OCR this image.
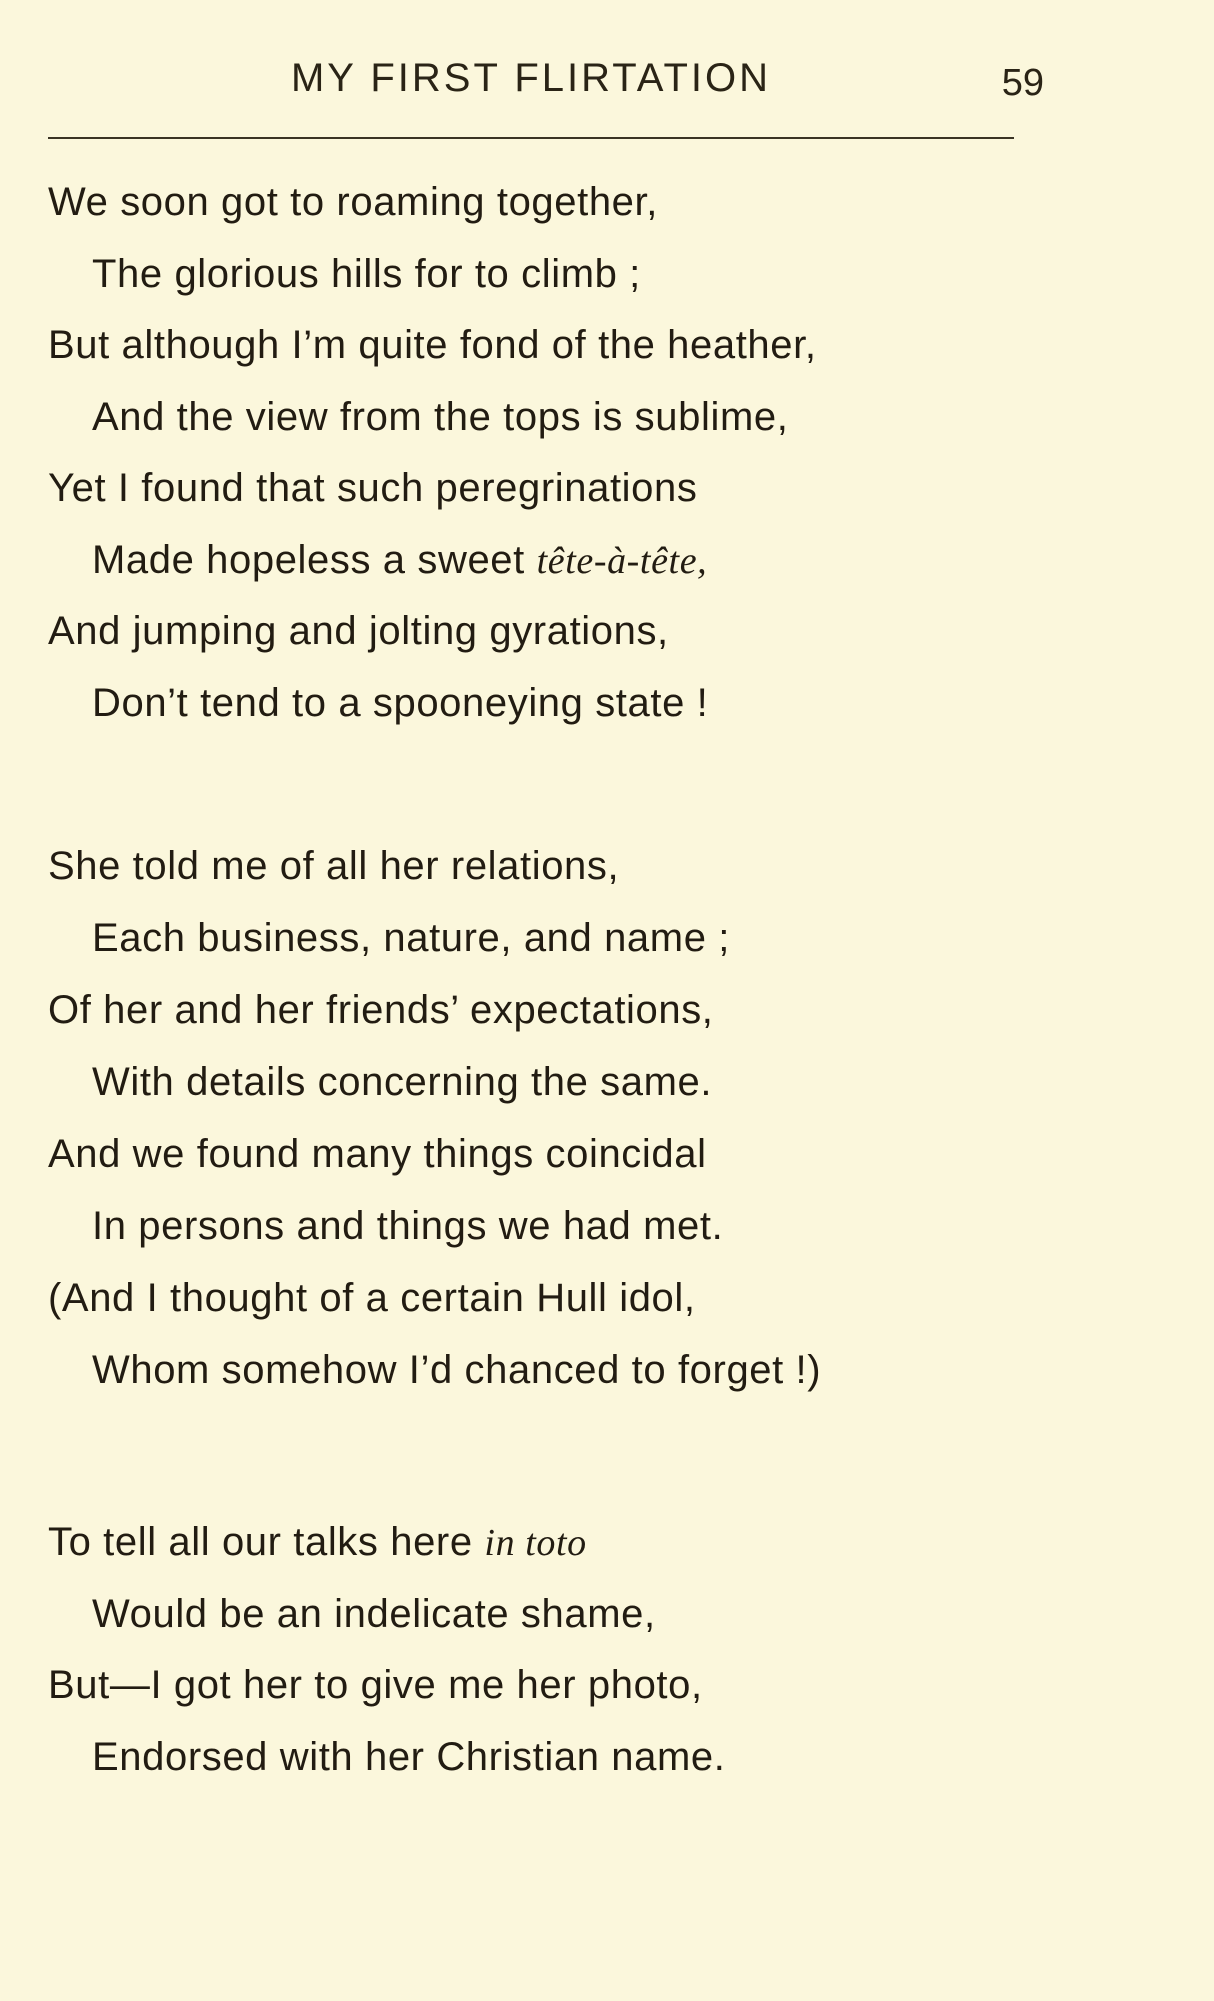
MY FIRST FLIRTATION	59
We soon got to roaming together,
The glorious hills for to climb ;
But although I’m quite fond of the heather,
And the view from the tops is sublime,
Yet I found that such peregrinations
Made hopeless a sweet tête-à-tête,
And jumping and jolting gyrations,
Don’t tend to a spooneying state !
She told me of all her relations,
Each business, nature, and name ;
Of her and her friends’ expectations,
With details concerning the same.
And we found many things coincidal
In persons and things we had met.
(And I thought of a certain Hull idol,
Whom somehow I’d chanced to forget !)
To tell all our talks here in toto
Would be an indelicate shame,
But—I got her to give me her photo,
Endorsed with her Christian name.
